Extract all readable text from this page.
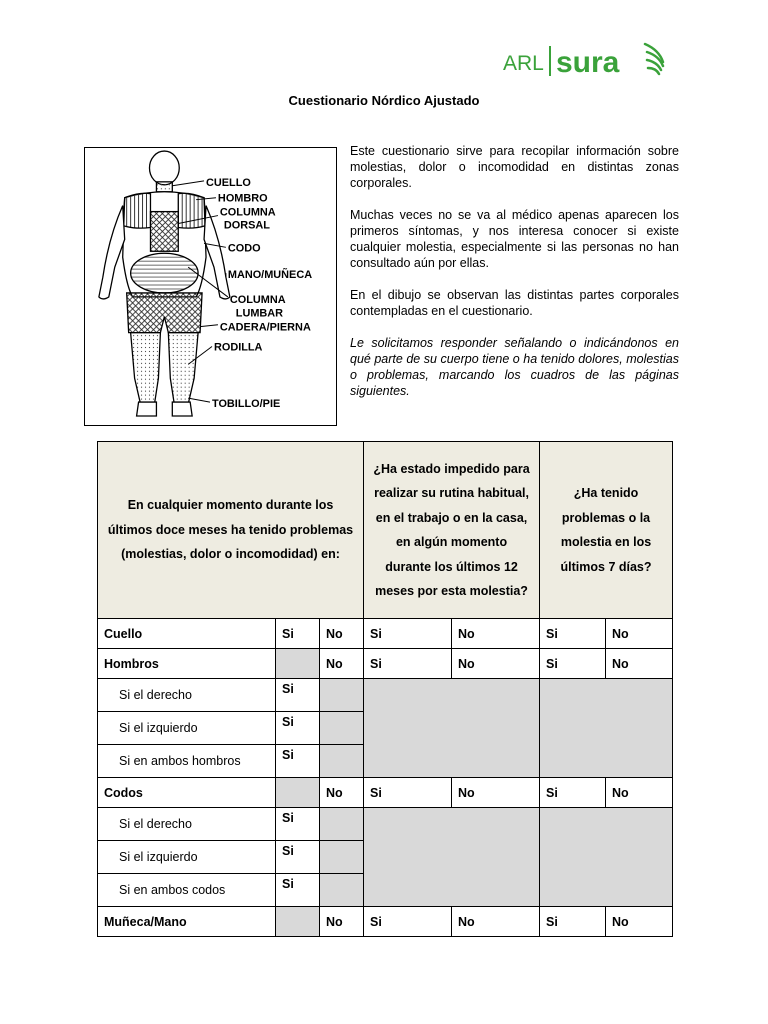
ARL sura
Cuestionario Nórdico Ajustado
CUELLO
HOMBRO
COLUMNA
DORSAL
CODO
MANO/MUÑECA
COLUMNA
LUMBAR
CADERA/PIERNA
RODILLA
TOBILLO/PIE

Este cuestionario sirve para recopilar información sobre molestias, dolor o incomodidad en distintas zonas corporales.

Muchas veces no se va al médico apenas aparecen los primeros síntomas, y nos interesa conocer si existe cualquier molestia, especialmente si las personas no han consultado aún por ellas.

En el dibujo se observan las distintas partes corporales contempladas en el cuestionario.

Le solicitamos responder señalando o indicándonos en qué parte de su cuerpo tiene o ha tenido dolores, molestias o problemas, marcando los cuadros de las páginas siguientes.

En cualquier momento durante los últimos doce meses ha tenido problemas (molestias, dolor o incomodidad) en:			¿Ha estado impedido para realizar su rutina habitual, en el trabajo o en la casa, en algún momento durante los últimos 12 meses por esta molestia?		¿Ha tenido problemas o la molestia en los últimos 7 días?	
Cuello	Si	No	Si	No	Si	No
Hombros		No	Si	No	Si	No
Si el derecho	Si					
Si el izquierdo	Si					
Si en ambos hombros	Si					
Codos		No	Si	No	Si	No
Si el derecho	Si					
Si el izquierdo	Si					
Si en ambos codos	Si					
Muñeca/Mano		No	Si	No	Si	No
